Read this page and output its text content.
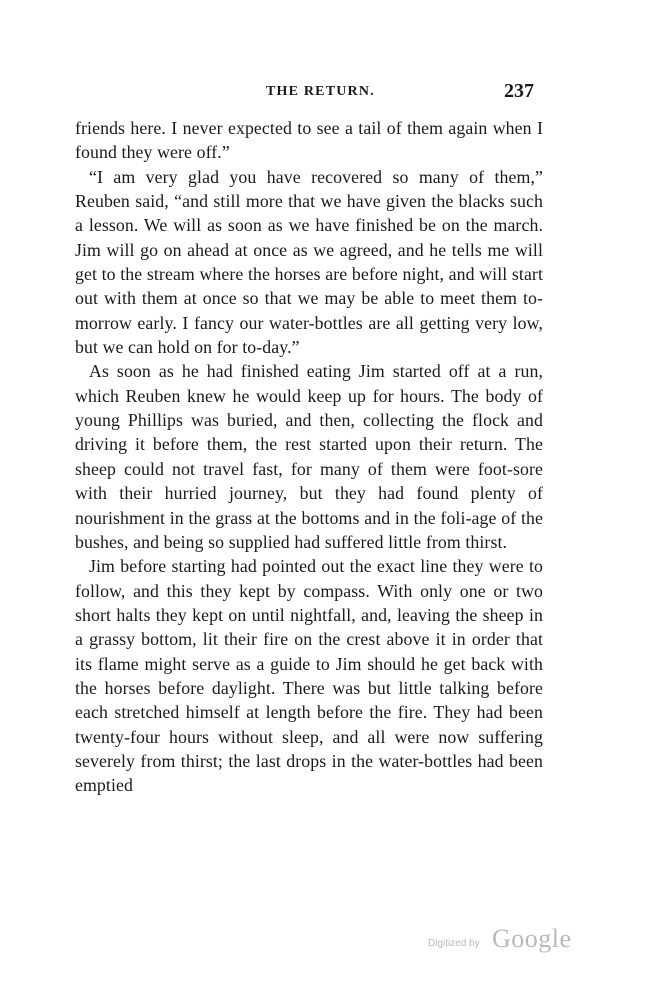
THE RETURN.	237

friends here. I never expected to see a tail of them again when I found they were off.”

“I am very glad you have recovered so many of them,” Reuben said, “and still more that we have given the blacks such a lesson. We will as soon as we have finished be on the march. Jim will go on ahead at once as we agreed, and he tells me will get to the stream where the horses are before night, and will start out with them at once so that we may be able to meet them to-morrow early. I fancy our water-bottles are all getting very low, but we can hold on for to-day.”

As soon as he had finished eating Jim started off at a run, which Reuben knew he would keep up for hours. The body of young Phillips was buried, and then, collecting the flock and driving it before them, the rest started upon their return. The sheep could not travel fast, for many of them were foot-sore with their hurried journey, but they had found plenty of nourishment in the grass at the bottoms and in the foli-age of the bushes, and being so supplied had suffered little from thirst.

Jim before starting had pointed out the exact line they were to follow, and this they kept by compass. With only one or two short halts they kept on until nightfall, and, leaving the sheep in a grassy bottom, lit their fire on the crest above it in order that its flame might serve as a guide to Jim should he get back with the horses before daylight. There was but little talking before each stretched himself at length before the fire. They had been twenty-four hours without sleep, and all were now suffering severely from thirst; the last drops in the water-bottles had been emptied

Digitized by Google
